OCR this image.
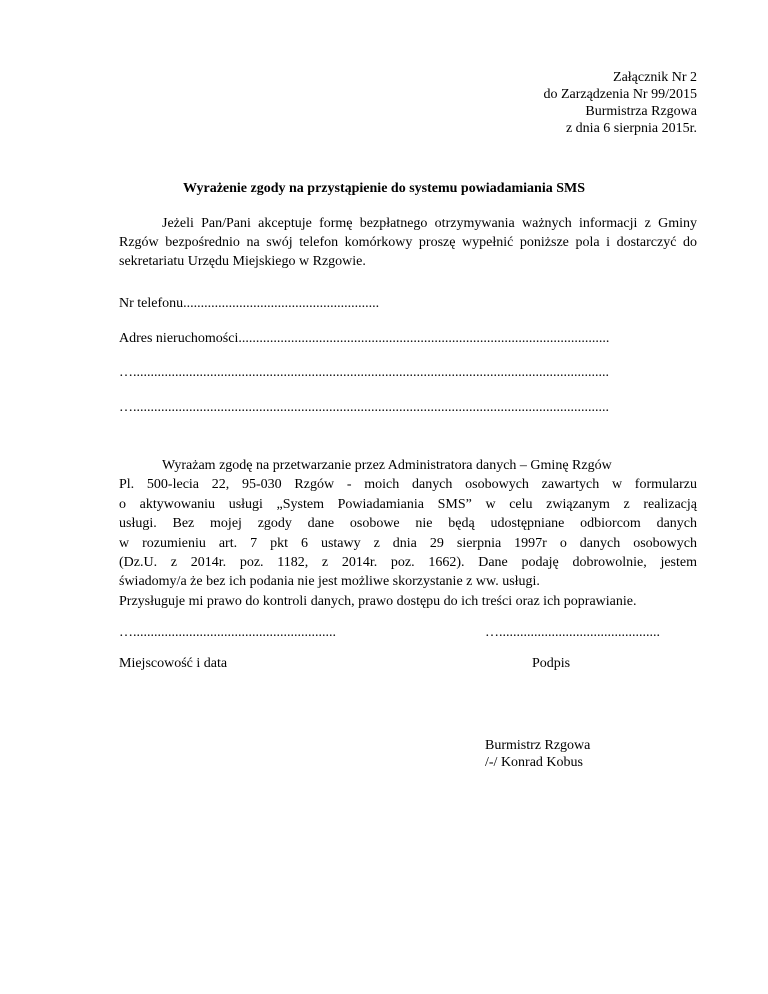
Załącznik Nr 2
do Zarządzenia Nr 99/2015
Burmistrza Rzgowa
z dnia 6 sierpnia 2015r.
Wyrażenie zgody na przystąpienie do systemu powiadamiania SMS
Jeżeli Pan/Pani akceptuje formę bezpłatnego otrzymywania ważnych informacji z Gminy Rzgów bezpośrednio na swój telefon komórkowy proszę wypełnić poniższe pola i dostarczyć do sekretariatu Urzędu Miejskiego w Rzgowie.
Nr telefonu........................................................
Adres nieruchomości..........................................................................................................
…........................................................................................................................................
…........................................................................................................................................
Wyrażam zgodę na przetwarzanie przez Administratora danych – Gminę Rzgów
Pl. 500-lecia 22, 95-030 Rzgów - moich danych osobowych zawartych w formularzu
o aktywowaniu usługi „System Powiadamiania SMS” w celu związanym z realizacją
usługi. Bez mojej zgody dane osobowe nie będą udostępniane odbiorcom danych
w rozumieniu art. 7 pkt 6 ustawy z dnia 29 sierpnia 1997r o danych osobowych
(Dz.U. z 2014r. poz. 1182, z 2014r. poz. 1662). Dane podaję dobrowolnie, jestem
świadomy/a że bez ich podania nie jest możliwe skorzystanie z ww. usługi.
Przysługuje mi prawo do kontroli danych, prawo dostępu do ich treści oraz ich poprawianie.
…..........................................................	…..............................................
Miejscowość i data	Podpis
Burmistrz Rzgowa
/-/ Konrad Kobus
